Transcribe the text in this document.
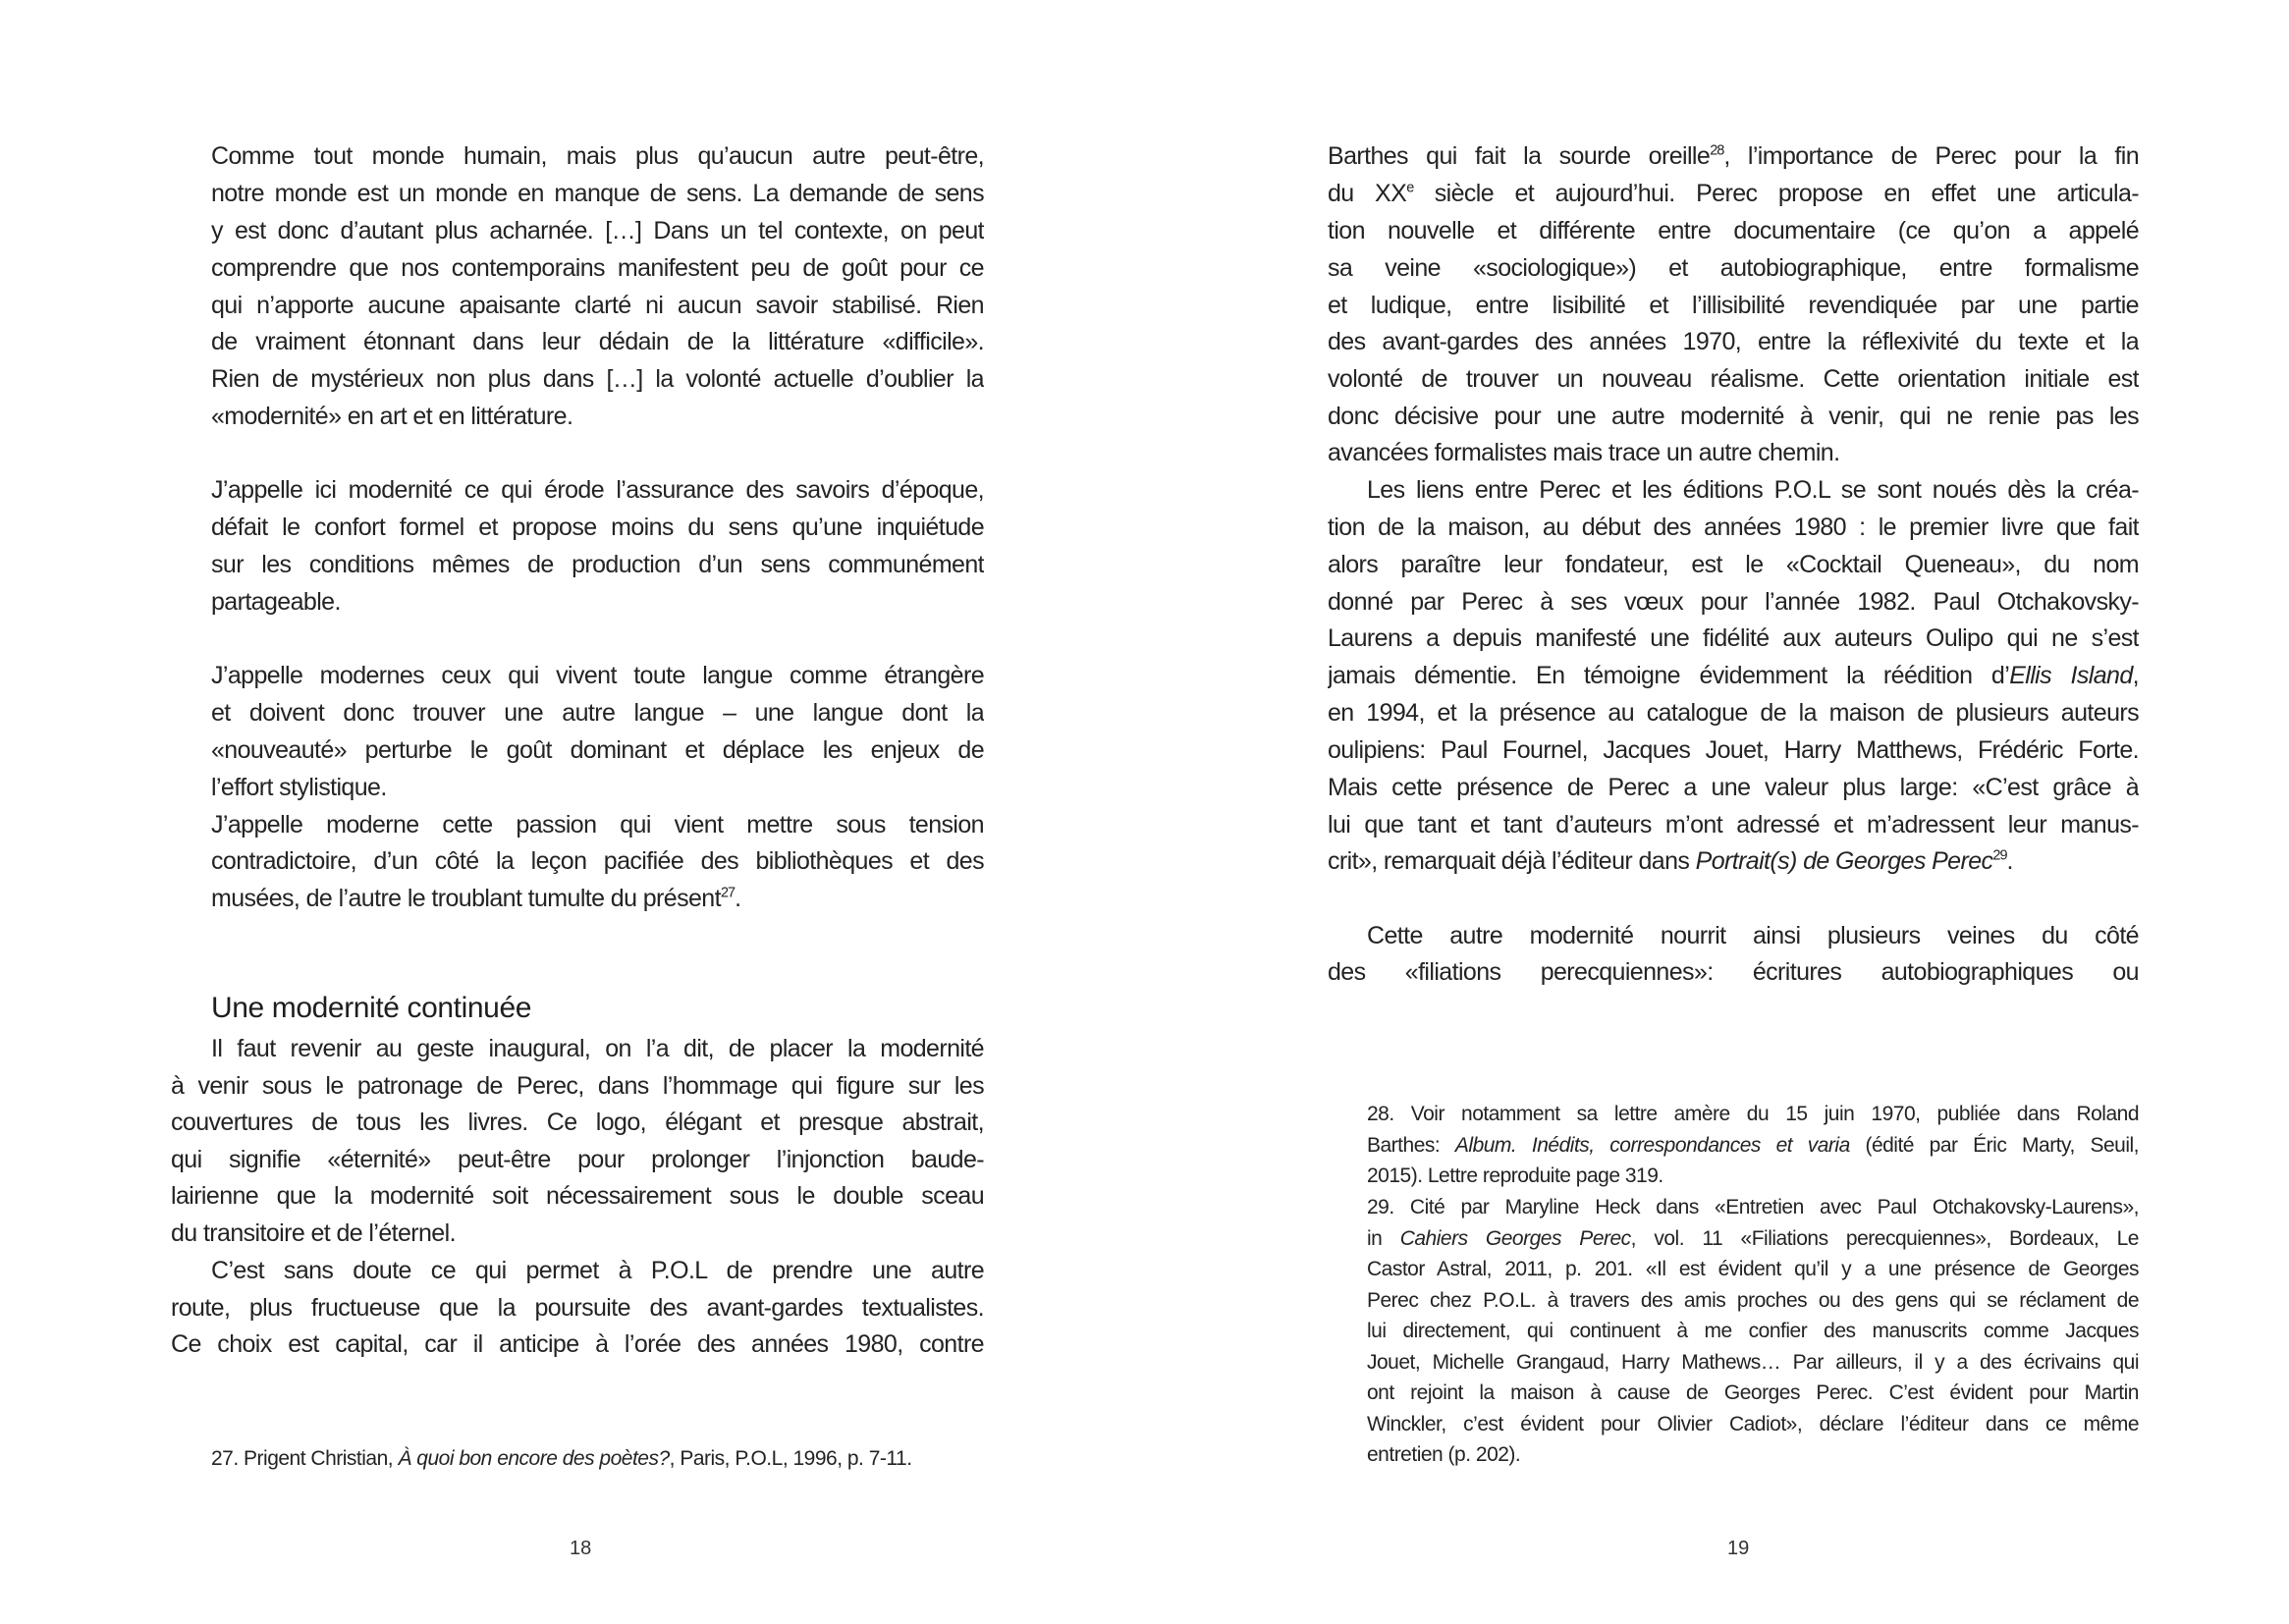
Comme tout monde humain, mais plus qu’aucun autre peut-être,
notre monde est un monde en manque de sens. La demande de sens
y est donc d’autant plus acharnée. […] Dans un tel contexte, on peut
comprendre que nos contemporains manifestent peu de goût pour ce
qui n’apporte aucune apaisante clarté ni aucun savoir stabilisé. Rien
de vraiment étonnant dans leur dédain de la littérature «difficile».
Rien de mystérieux non plus dans […] la volonté actuelle d’oublier la
«modernité» en art et en littérature.
J’appelle ici modernité ce qui érode l’assurance des savoirs d’époque,
défait le confort formel et propose moins du sens qu’une inquiétude
sur les conditions mêmes de production d’un sens communément
partageable.
J’appelle modernes ceux qui vivent toute langue comme étrangère
et doivent donc trouver une autre langue – une langue dont la
«nouveauté» perturbe le goût dominant et déplace les enjeux de
l’effort stylistique.
J’appelle moderne cette passion qui vient mettre sous tension
contradictoire, d’un côté la leçon pacifiée des bibliothèques et des
musées, de l’autre le troublant tumulte du présent$^{27}$.
Une modernité continuée
Il faut revenir au geste inaugural, on l’a dit, de placer la modernité
à venir sous le patronage de Perec, dans l’hommage qui figure sur les
couvertures de tous les livres. Ce logo, élégant et presque abstrait,
qui signifie «éternité» peut-être pour prolonger l’injonction baude-
lairienne que la modernité soit nécessairement sous le double sceau
du transitoire et de l’éternel.
C’est sans doute ce qui permet à P.O.L de prendre une autre
route, plus fructueuse que la poursuite des avant-gardes textualistes.
Ce choix est capital, car il anticipe à l’orée des années 1980, contre
27. Prigent Christian, À quoi bon encore des poètes?, Paris, P.O.L, 1996, p. 7-11.
18
Barthes qui fait la sourde oreille$^{28}$, l’importance de Perec pour la fin
du XXe siècle et aujourd’hui. Perec propose en effet une articula-
tion nouvelle et différente entre documentaire (ce qu’on a appelé
sa veine «sociologique») et autobiographique, entre formalisme
et ludique, entre lisibilité et l’illisibilité revendiquée par une partie
des avant-gardes des années 1970, entre la réflexivité du texte et la
volonté de trouver un nouveau réalisme. Cette orientation initiale est
donc décisive pour une autre modernité à venir, qui ne renie pas les
avancées formalistes mais trace un autre chemin.
Les liens entre Perec et les éditions P.O.L se sont noués dès la créa-
tion de la maison, au début des années 1980 : le premier livre que fait
alors paraître leur fondateur, est le «Cocktail Queneau», du nom
donné par Perec à ses vœux pour l’année 1982. Paul Otchakovsky-
Laurens a depuis manifesté une fidélité aux auteurs Oulipo qui ne s’est
jamais démentie. En témoigne évidemment la réédition d’Ellis Island,
en 1994, et la présence au catalogue de la maison de plusieurs auteurs
oulipiens: Paul Fournel, Jacques Jouet, Harry Matthews, Frédéric Forte.
Mais cette présence de Perec a une valeur plus large: «C’est grâce à
lui que tant et tant d’auteurs m’ont adressé et m’adressent leur manus-
crit», remarquait déjà l’éditeur dans Portrait(s) de Georges Perec$^{29}$.
Cette autre modernité nourrit ainsi plusieurs veines du côté
des «filiations perecquiennes»: écritures autobiographiques ou
28. Voir notamment sa lettre amère du 15 juin 1970, publiée dans Roland
Barthes: Album. Inédits, correspondances et varia (édité par Éric Marty, Seuil,
2015). Lettre reproduite page 319.
29. Cité par Maryline Heck dans «Entretien avec Paul Otchakovsky-Laurens»,
in Cahiers Georges Perec, vol. 11 «Filiations perecquiennes», Bordeaux, Le
Castor Astral, 2011, p. 201. «Il est évident qu’il y a une présence de Georges
Perec chez P.O.L. à travers des amis proches ou des gens qui se réclament de
lui directement, qui continuent à me confier des manuscrits comme Jacques
Jouet, Michelle Grangaud, Harry Mathews… Par ailleurs, il y a des écrivains qui
ont rejoint la maison à cause de Georges Perec. C’est évident pour Martin
Winckler, c’est évident pour Olivier Cadiot», déclare l’éditeur dans ce même
entretien (p. 202).
19
